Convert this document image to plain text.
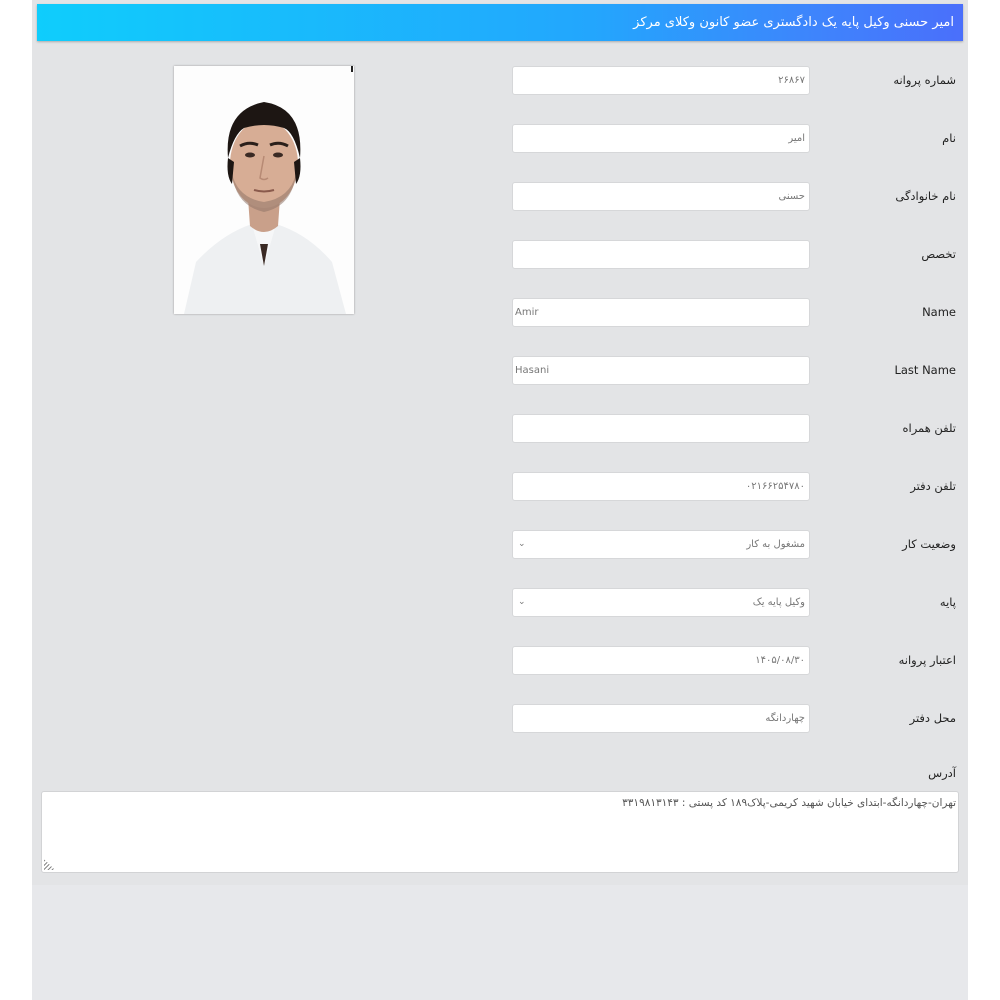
امیر حسنی وکیل پایه یک دادگستری عضو کانون وکلای مرکز
شماره پروانه
۲۶۸۶۷
نام
امیر
نام خانوادگی
حسنی
تخصص
Name
Amir
Last Name
Hasani
تلفن همراه
تلفن دفتر
۰۲۱۶۶۲۵۴۷۸۰
وضعیت کار
مشغول به کار
⌄
پایه
وکیل پایه یک
⌄
اعتبار پروانه
۱۴۰۵/۰۸/۳۰
محل دفتر
چهاردانگه
آدرس
تهران-چهاردانگه-ابتدای خیابان شهید کریمی-پلاک۱۸۹ کد پستی : ۳۳۱۹۸۱۳۱۴۳
